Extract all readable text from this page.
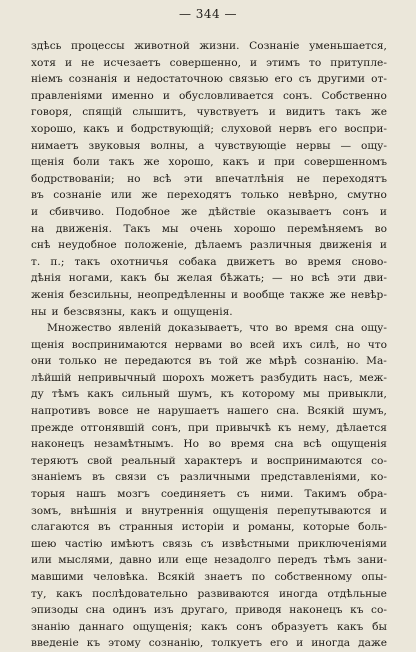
— 344 —
здѣсь процессы животной жизни. Сознаніе уменьшается,
хотя и не исчезаетъ совершенно, и этимъ то притупле-
ніемъ сознанія и недостаточною связью его съ другими от-
правленіями именно и обусловливается сонъ. Собственно
говоря, спящій слышитъ, чувствуетъ и видитъ такъ же
хорошо, какъ и бодрствующій; слуховой нервъ его воспри-
нимаетъ звуковыя волны, а чувствующіе нервы — ощу-
щенія боли такъ же хорошо, какъ и при совершенномъ
бодрствованіи; но всѣ эти впечатлѣнія не переходятъ
въ сознаніе или же переходятъ только невѣрно, смутно
и сбивчиво. Подобное же дѣйствіе оказываетъ сонъ и
на движенія. Такъ мы очень хорошо перемѣняемъ во
снѣ неудобное положеніе, дѣлаемъ различныя движенія и
т. п.; такъ охотничья собака движетъ во время сново-
дѣнія ногами, какъ бы желая бѣжать; — но всѣ эти дви-
женія безсильны, неопредѣленны и вообще также же невѣр-
ны и безсвязны, какъ и ощущенія.
Множество явленій доказываетъ, что во время сна ощу-
щенія воспринимаются нервами во всей ихъ силѣ, но что
они только не передаются въ той же мѣрѣ сознанію. Ма-
лѣйшій непривычный шорохъ можетъ разбудить насъ, меж-
ду тѣмъ какъ сильный шумъ, къ которому мы привыкли,
напротивъ вовсе не нарушаетъ нашего сна. Всякій шумъ,
прежде отгонявшій сонъ, при привычкѣ къ нему, дѣлается
наконецъ незамѣтнымъ. Но во время сна всѣ ощущенія
теряютъ свой реальный характеръ и воспринимаются со-
знаніемъ въ связи съ различными представленіями, ко-
торыя нашъ мозгъ соединяетъ съ ними. Такимъ обра-
зомъ, внѣшнія и внутреннія ощущенія перепутываются и
слагаются въ странныя исторіи и романы, которые боль-
шею частію имѣютъ связь съ извѣстными приключеніями
или мыслями, давно или еще незадолго передъ тѣмъ зани-
мавшими человѣка. Всякій знаетъ по собственному опы-
ту, какъ послѣдовательно развиваются иногда отдѣльные
эпизоды сна одинъ изъ другаго, приводя наконецъ къ со-
знанію даннаго ощущенія; какъ сонъ образуетъ какъ бы
введеніе къ этому сознанію, толкуетъ его и иногда даже
